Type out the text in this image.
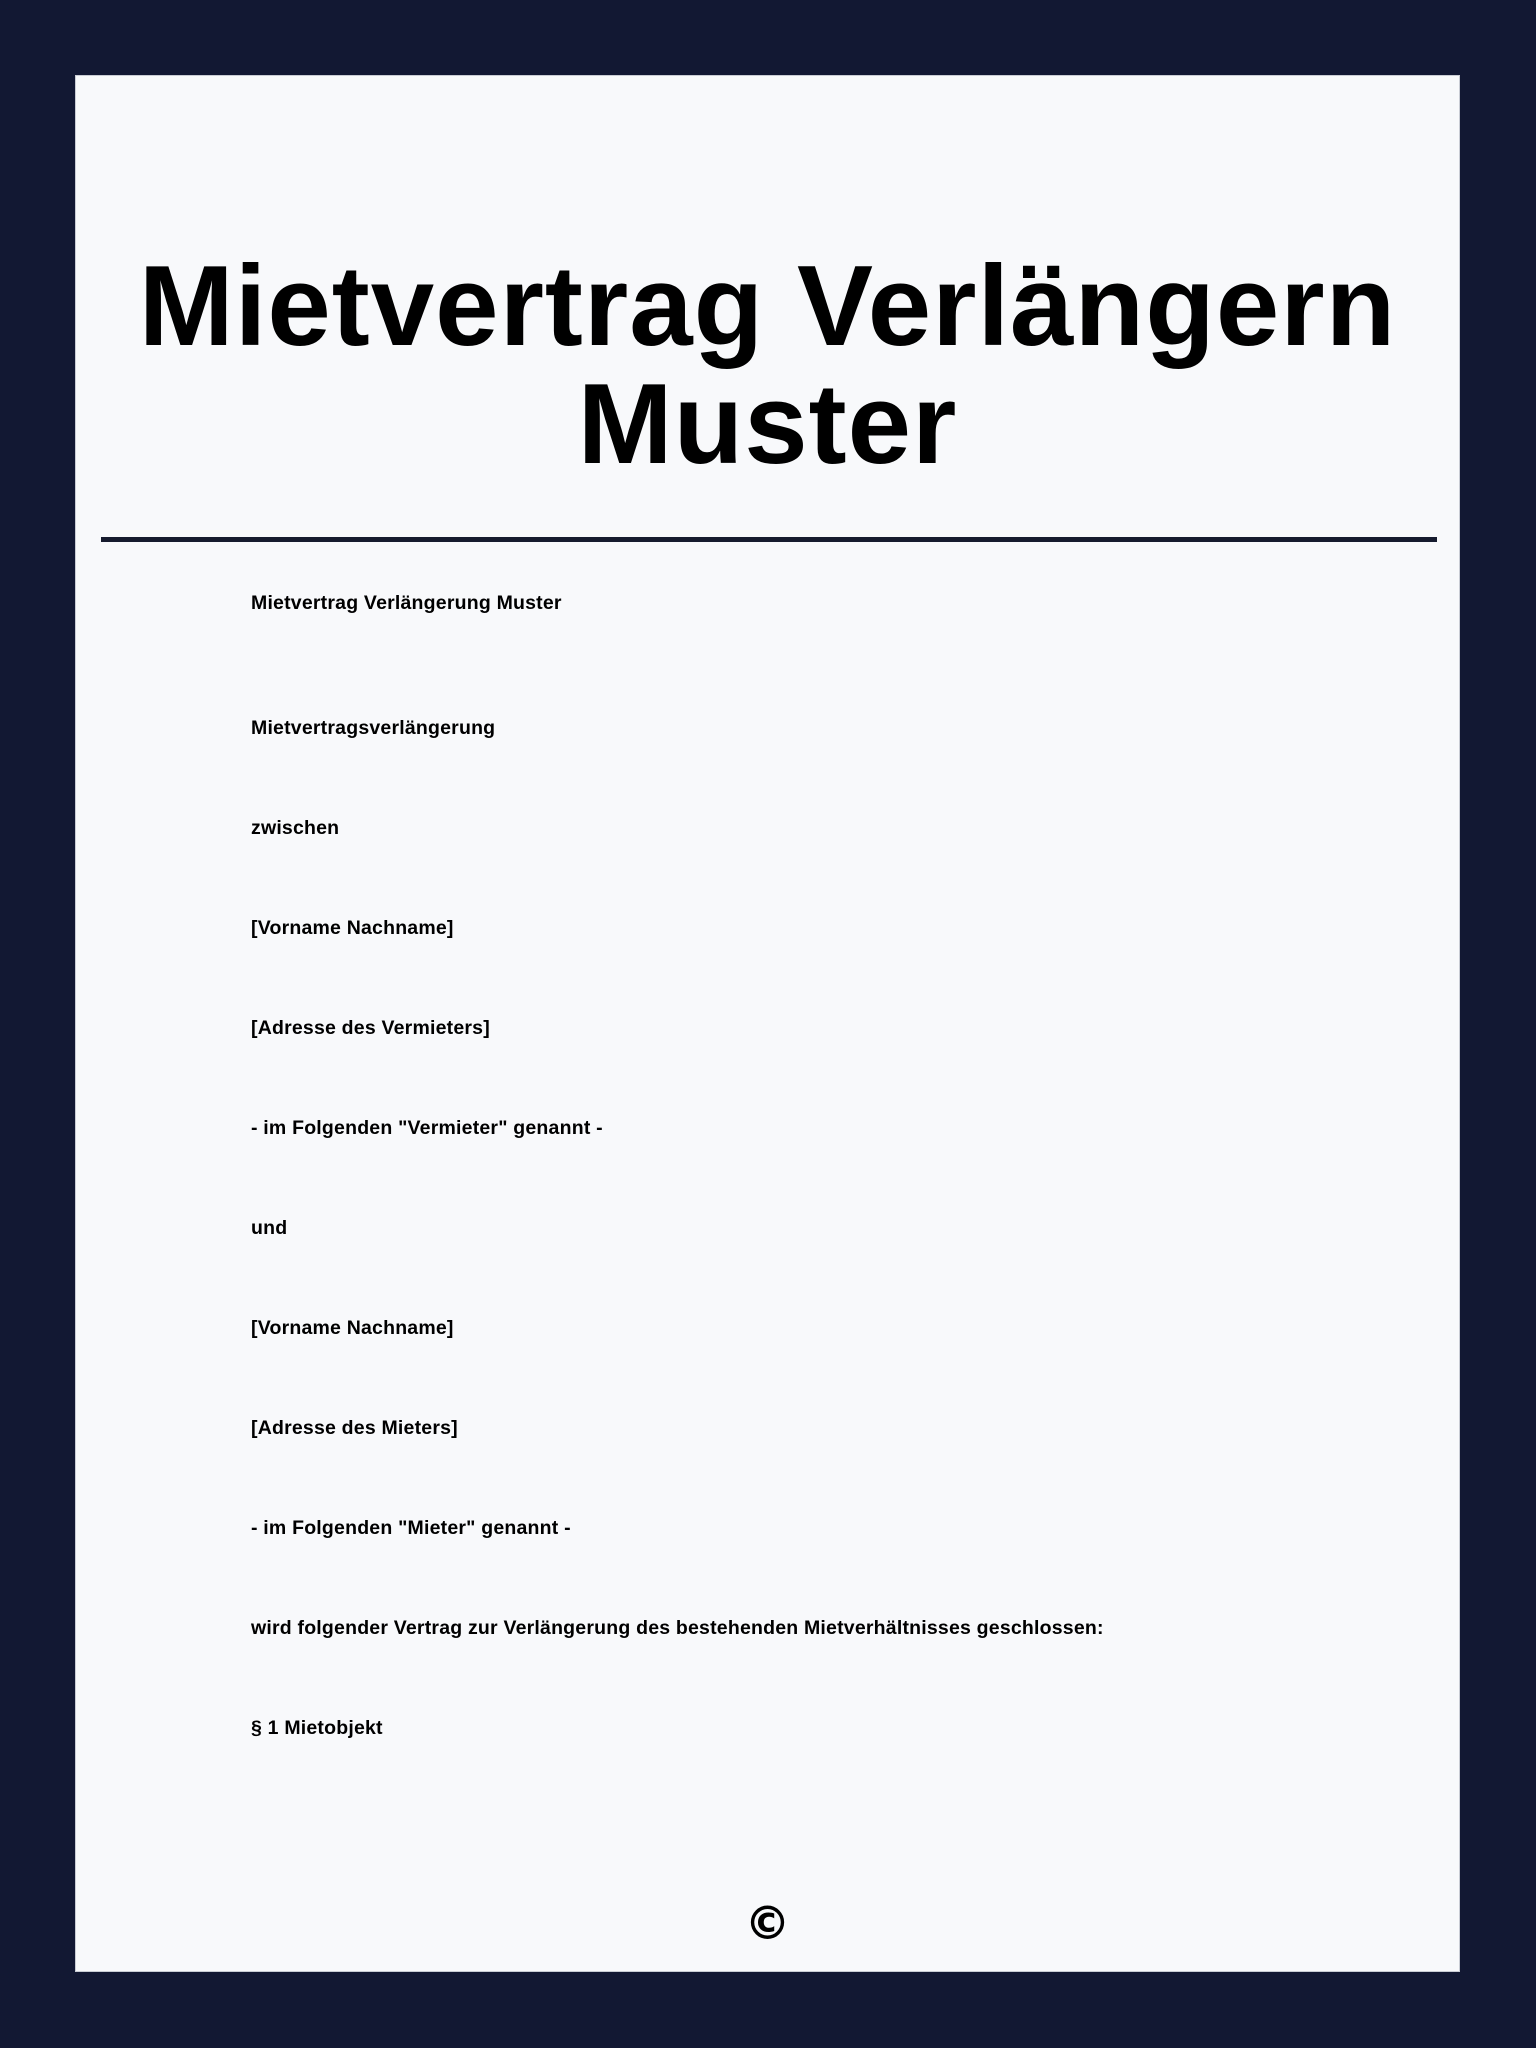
Mietvertrag Verlängern
Muster
Mietvertrag Verlängerung Muster
Mietvertragsverlängerung
zwischen
[Vorname Nachname]
[Adresse des Vermieters]
- im Folgenden "Vermieter" genannt -
und
[Vorname Nachname]
[Adresse des Mieters]
- im Folgenden "Mieter" genannt -
wird folgender Vertrag zur Verlängerung des bestehenden Mietverhältnisses geschlossen:
§ 1 Mietobjekt
©
